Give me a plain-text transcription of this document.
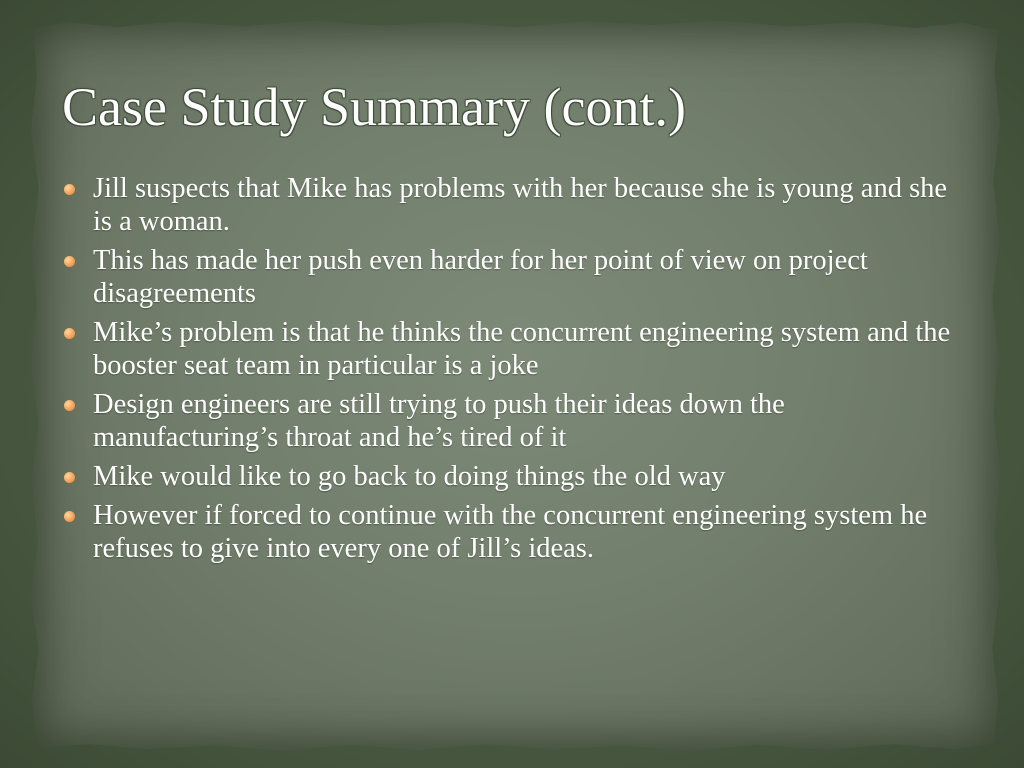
Case Study Summary (cont.)
Jill suspects that Mike has problems with her because she is young and she is a woman.
This has made her push even harder for her point of view on project disagreements
Mike’s problem is that he thinks the concurrent engineering system and the booster seat team in particular is a joke
Design engineers are still trying to push their ideas down the manufacturing’s throat and he’s tired of it
Mike would like to go back to doing things the old way
However if forced to continue with the concurrent engineering system he refuses to give into every one of Jill’s ideas.
